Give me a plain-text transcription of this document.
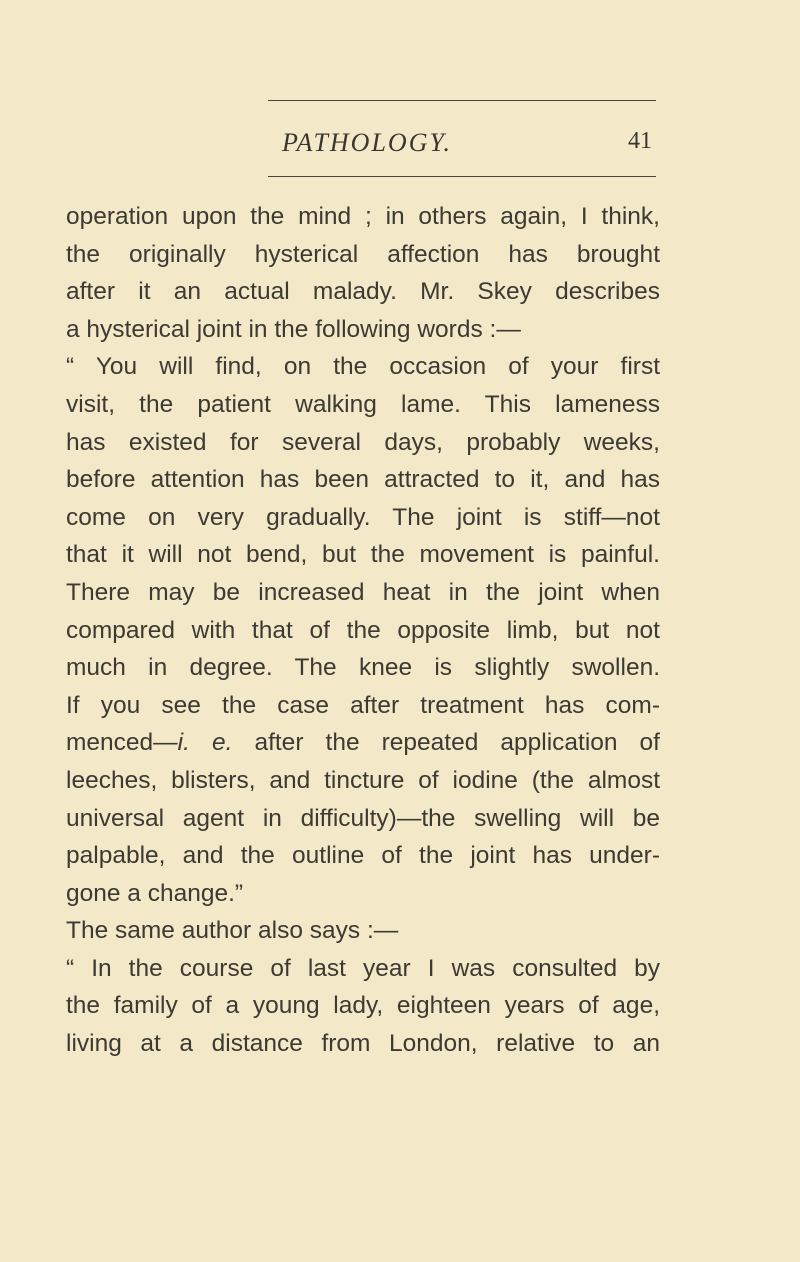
PATHOLOGY.	41
operation upon the mind ; in others again, I think,
the originally hysterical affection has brought
after it an actual malady. Mr. Skey describes
a hysterical joint in the following words :—
“ You will find, on the occasion of your first
visit, the patient walking lame. This lameness
has existed for several days, probably weeks,
before attention has been attracted to it, and has
come on very gradually. The joint is stiff—not
that it will not bend, but the movement is painful.
There may be increased heat in the joint when
compared with that of the opposite limb, but not
much in degree. The knee is slightly swollen.
If you see the case after treatment has com-
menced—i. e. after the repeated application of
leeches, blisters, and tincture of iodine (the almost
universal agent in difficulty)—the swelling will be
palpable, and the outline of the joint has under-
gone a change.”
The same author also says :—
“ In the course of last year I was consulted by
the family of a young lady, eighteen years of age,
living at a distance from London, relative to an
